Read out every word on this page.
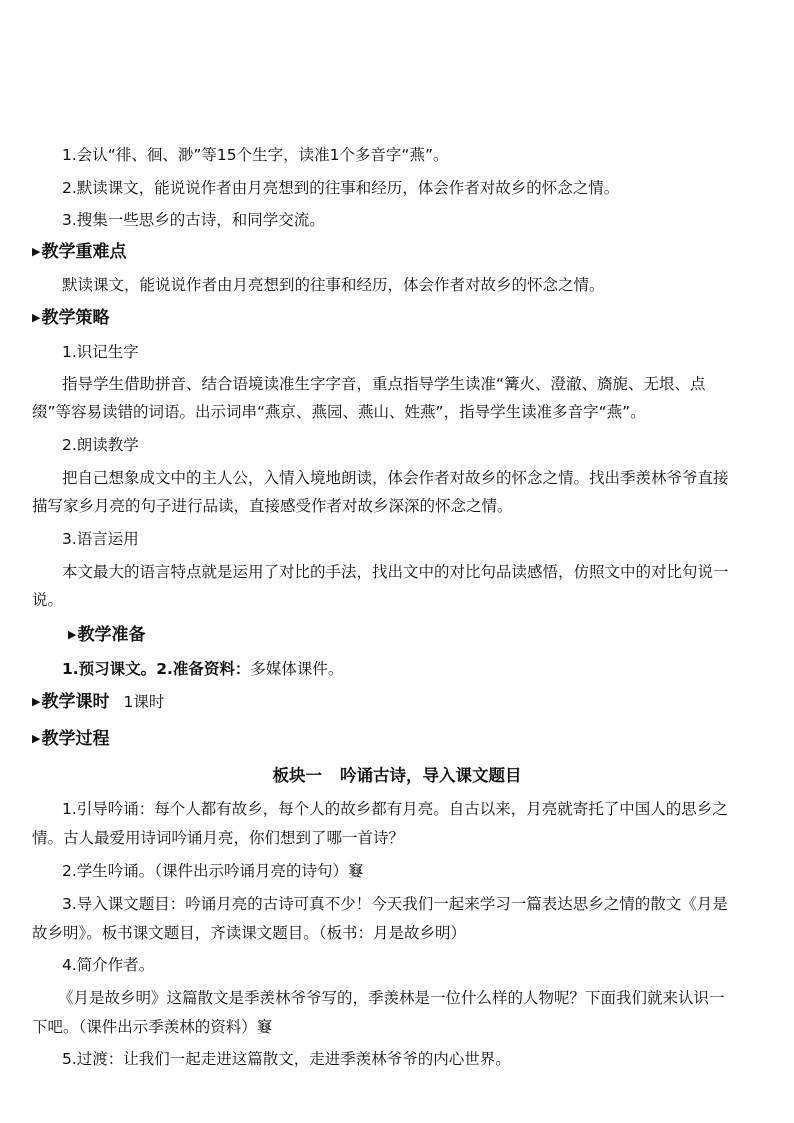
1.会认“徘、徊、渺”等15个生字，读准1个多音字“燕”。
2.默读课文，能说说作者由月亮想到的往事和经历，体会作者对故乡的怀念之情。
3.搜集一些思乡的古诗，和同学交流。
▶教学重难点
默读课文，能说说作者由月亮想到的往事和经历，体会作者对故乡的怀念之情。
▶教学策略
1.识记生字
指导学生借助拼音、结合语境读准生字字音，重点指导学生读准“篝火、澄澈、旖旎、无垠、点
缀”等容易读错的词语。出示词串“燕京、燕园、燕山、姓燕”，指导学生读准多音字“燕”。
2.朗读教学
把自己想象成文中的主人公，入情入境地朗读，体会作者对故乡的怀念之情。找出季羡林爷爷直接
描写家乡月亮的句子进行品读，直接感受作者对故乡深深的怀念之情。
3.语言运用
本文最大的语言特点就是运用了对比的手法，找出文中的对比句品读感悟，仿照文中的对比句说一
说。
▶教学准备
1.预习课文。2.准备资料：多媒体课件。
▶教学课时 1课时
▶教学过程
板块一 吟诵古诗，导入课文题目
1.引导吟诵：每个人都有故乡，每个人的故乡都有月亮。自古以来，月亮就寄托了中国人的思乡之
情。古人最爱用诗词吟诵月亮，你们想到了哪一首诗？
2.学生吟诵。（课件出示吟诵月亮的诗句）䆯
3.导入课文题目：吟诵月亮的古诗可真不少！今天我们一起来学习一篇表达思乡之情的散文《月是
故乡明》。板书课文题目，齐读课文题目。（板书：月是故乡明）
4.简介作者。
《月是故乡明》这篇散文是季羡林爷爷写的，季羡林是一位什么样的人物呢？下面我们就来认识一
下吧。（课件出示季羡林的资料）䆯
5.过渡：让我们一起走进这篇散文，走进季羡林爷爷的内心世界。
